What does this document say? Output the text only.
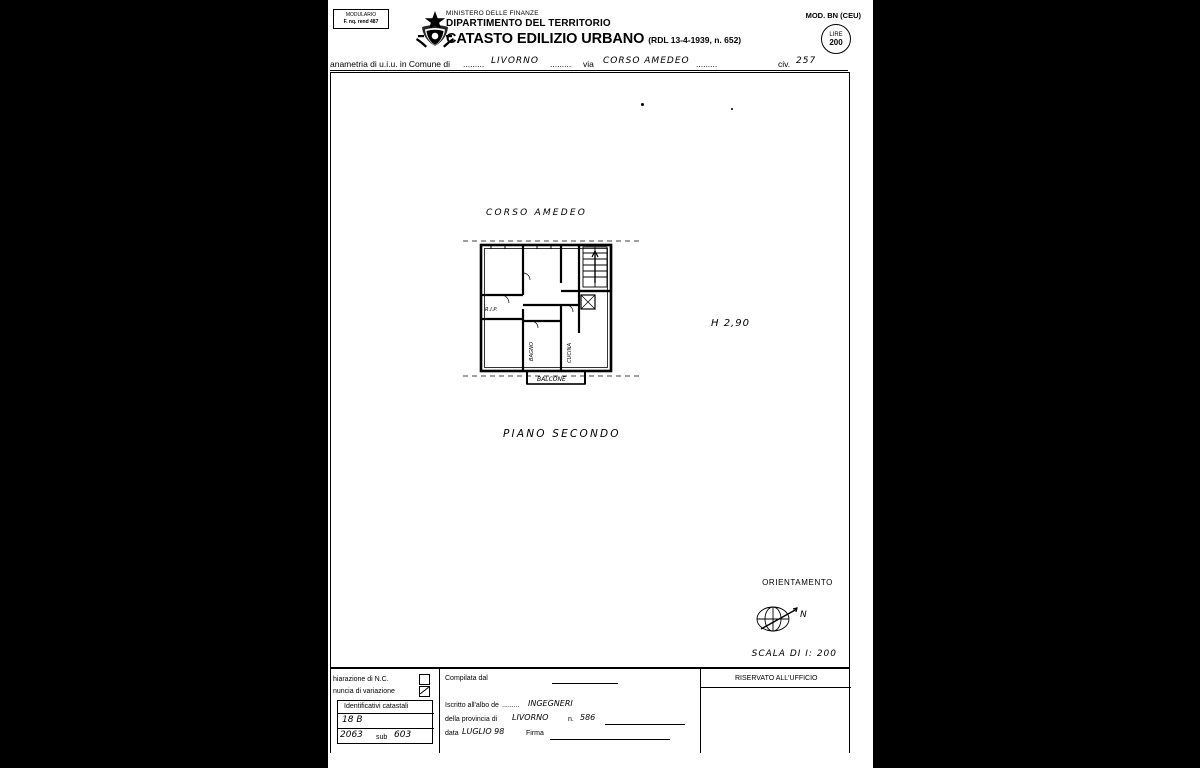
MODULARIO
F. nq. rend 487
MINISTERO DELLE FINANZE
DIPARTIMENTO DEL TERRITORIO
CATASTO EDILIZIO URBANO (RDL 13-4-1939, n. 652)
MOD. BN (CEU)
LIRE
200
anametria di u.i.u. in Comune di ......... LIVORNO ......... via CORSO AMEDEO .........	civ. 257
CORSO AMEDEO
H 2,90
PIANO SECONDO
R.I.P.
BAGNO	CUCINA
BALCONE
ORIENTAMENTO
N
SCALA DI I: 200
hiarazione di N.C.
nuncia di variazione
Identificativi catastali
18 B
2063 sub 603
Compilata dal
Iscritto all'albo de ......... INGEGNERI
della provincia di LIVORNO	n. 586
data LUGLIO 98	Firma
RISERVATO ALL'UFFICIO
